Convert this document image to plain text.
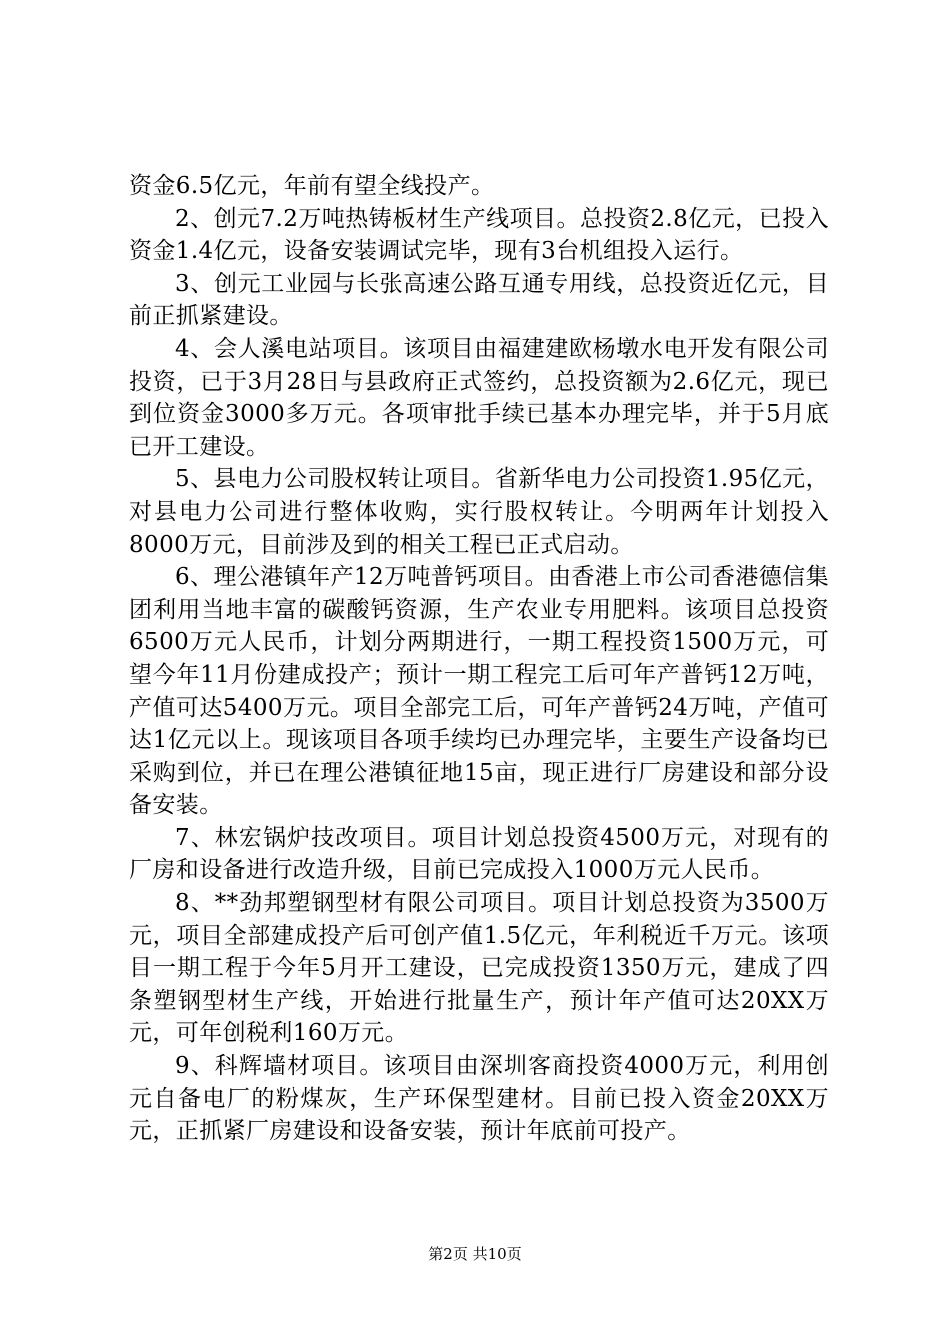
资金6.5亿元，年前有望全线投产。

2、创元7.2万吨热铸板材生产线项目。总投资2.8亿元，已投入资金1.4亿元，设备安装调试完毕，现有3台机组投入运行。

3、创元工业园与长张高速公路互通专用线，总投资近亿元，目前正抓紧建设。

4、会人溪电站项目。该项目由福建建欧杨墩水电开发有限公司投资，已于3月28日与县政府正式签约，总投资额为2.6亿元，现已到位资金3000多万元。各项审批手续已基本办理完毕，并于5月底已开工建设。

5、县电力公司股权转让项目。省新华电力公司投资1.95亿元，对县电力公司进行整体收购，实行股权转让。今明两年计划投入8000万元，目前涉及到的相关工程已正式启动。

6、理公港镇年产12万吨普钙项目。由香港上市公司香港德信集团利用当地丰富的碳酸钙资源，生产农业专用肥料。该项目总投资6500万元人民币，计划分两期进行，一期工程投资1500万元，可望今年11月份建成投产；预计一期工程完工后可年产普钙12万吨，产值可达5400万元。项目全部完工后，可年产普钙24万吨，产值可达1亿元以上。现该项目各项手续均已办理完毕，主要生产设备均已采购到位，并已在理公港镇征地15亩，现正进行厂房建设和部分设备安装。

7、林宏锅炉技改项目。项目计划总投资4500万元，对现有的厂房和设备进行改造升级，目前已完成投入1000万元人民币。

8、**劲邦塑钢型材有限公司项目。项目计划总投资为3500万元，项目全部建成投产后可创产值1.5亿元，年利税近千万元。该项目一期工程于今年5月开工建设，已完成投资1350万元，建成了四条塑钢型材生产线，开始进行批量生产，预计年产值可达20XX万元，可年创税利160万元。

9、科辉墙材项目。该项目由深圳客商投资4000万元，利用创元自备电厂的粉煤灰，生产环保型建材。目前已投入资金20XX万元，正抓紧厂房建设和设备安装，预计年底前可投产。

第2页 共10页
